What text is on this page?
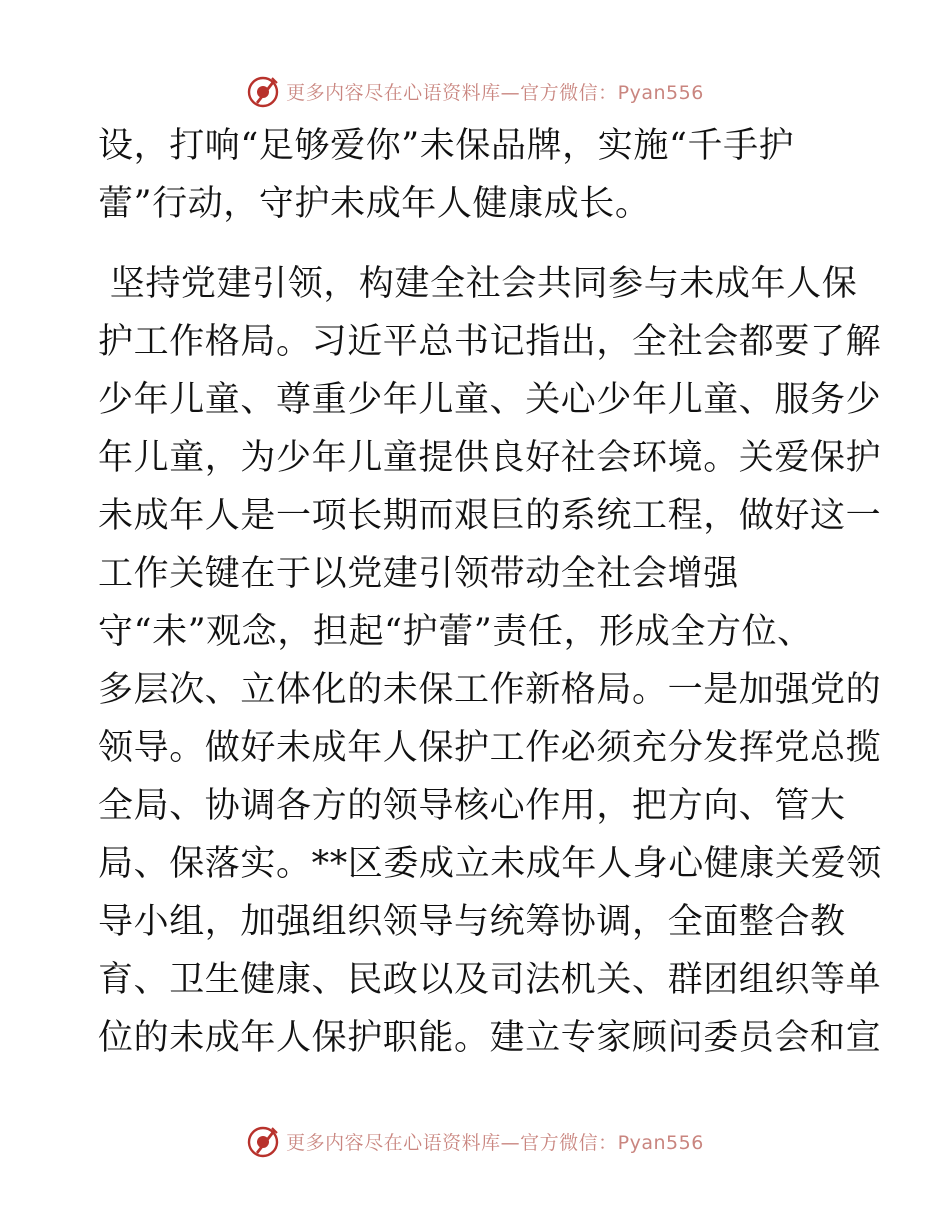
更多内容尽在心语资料库—官方微信：Pyan556
设，打响“足够爱你”未保品牌，实施“千手护
蕾”行动，守护未成年人健康成长。
坚持党建引领，构建全社会共同参与未成年人保
护工作格局。习近平总书记指出，全社会都要了解
少年儿童、尊重少年儿童、关心少年儿童、服务少
年儿童，为少年儿童提供良好社会环境。关爱保护
未成年人是一项长期而艰巨的系统工程，做好这一
工作关键在于以党建引领带动全社会增强
守“未”观念，担起“护蕾”责任，形成全方位、
多层次、立体化的未保工作新格局。一是加强党的
领导。做好未成年人保护工作必须充分发挥党总揽
全局、协调各方的领导核心作用，把方向、管大
局、保落实。**区委成立未成年人身心健康关爱领
导小组，加强组织领导与统筹协调，全面整合教
育、卫生健康、民政以及司法机关、群团组织等单
位的未成年人保护职能。建立专家顾问委员会和宣
更多内容尽在心语资料库—官方微信：Pyan556
